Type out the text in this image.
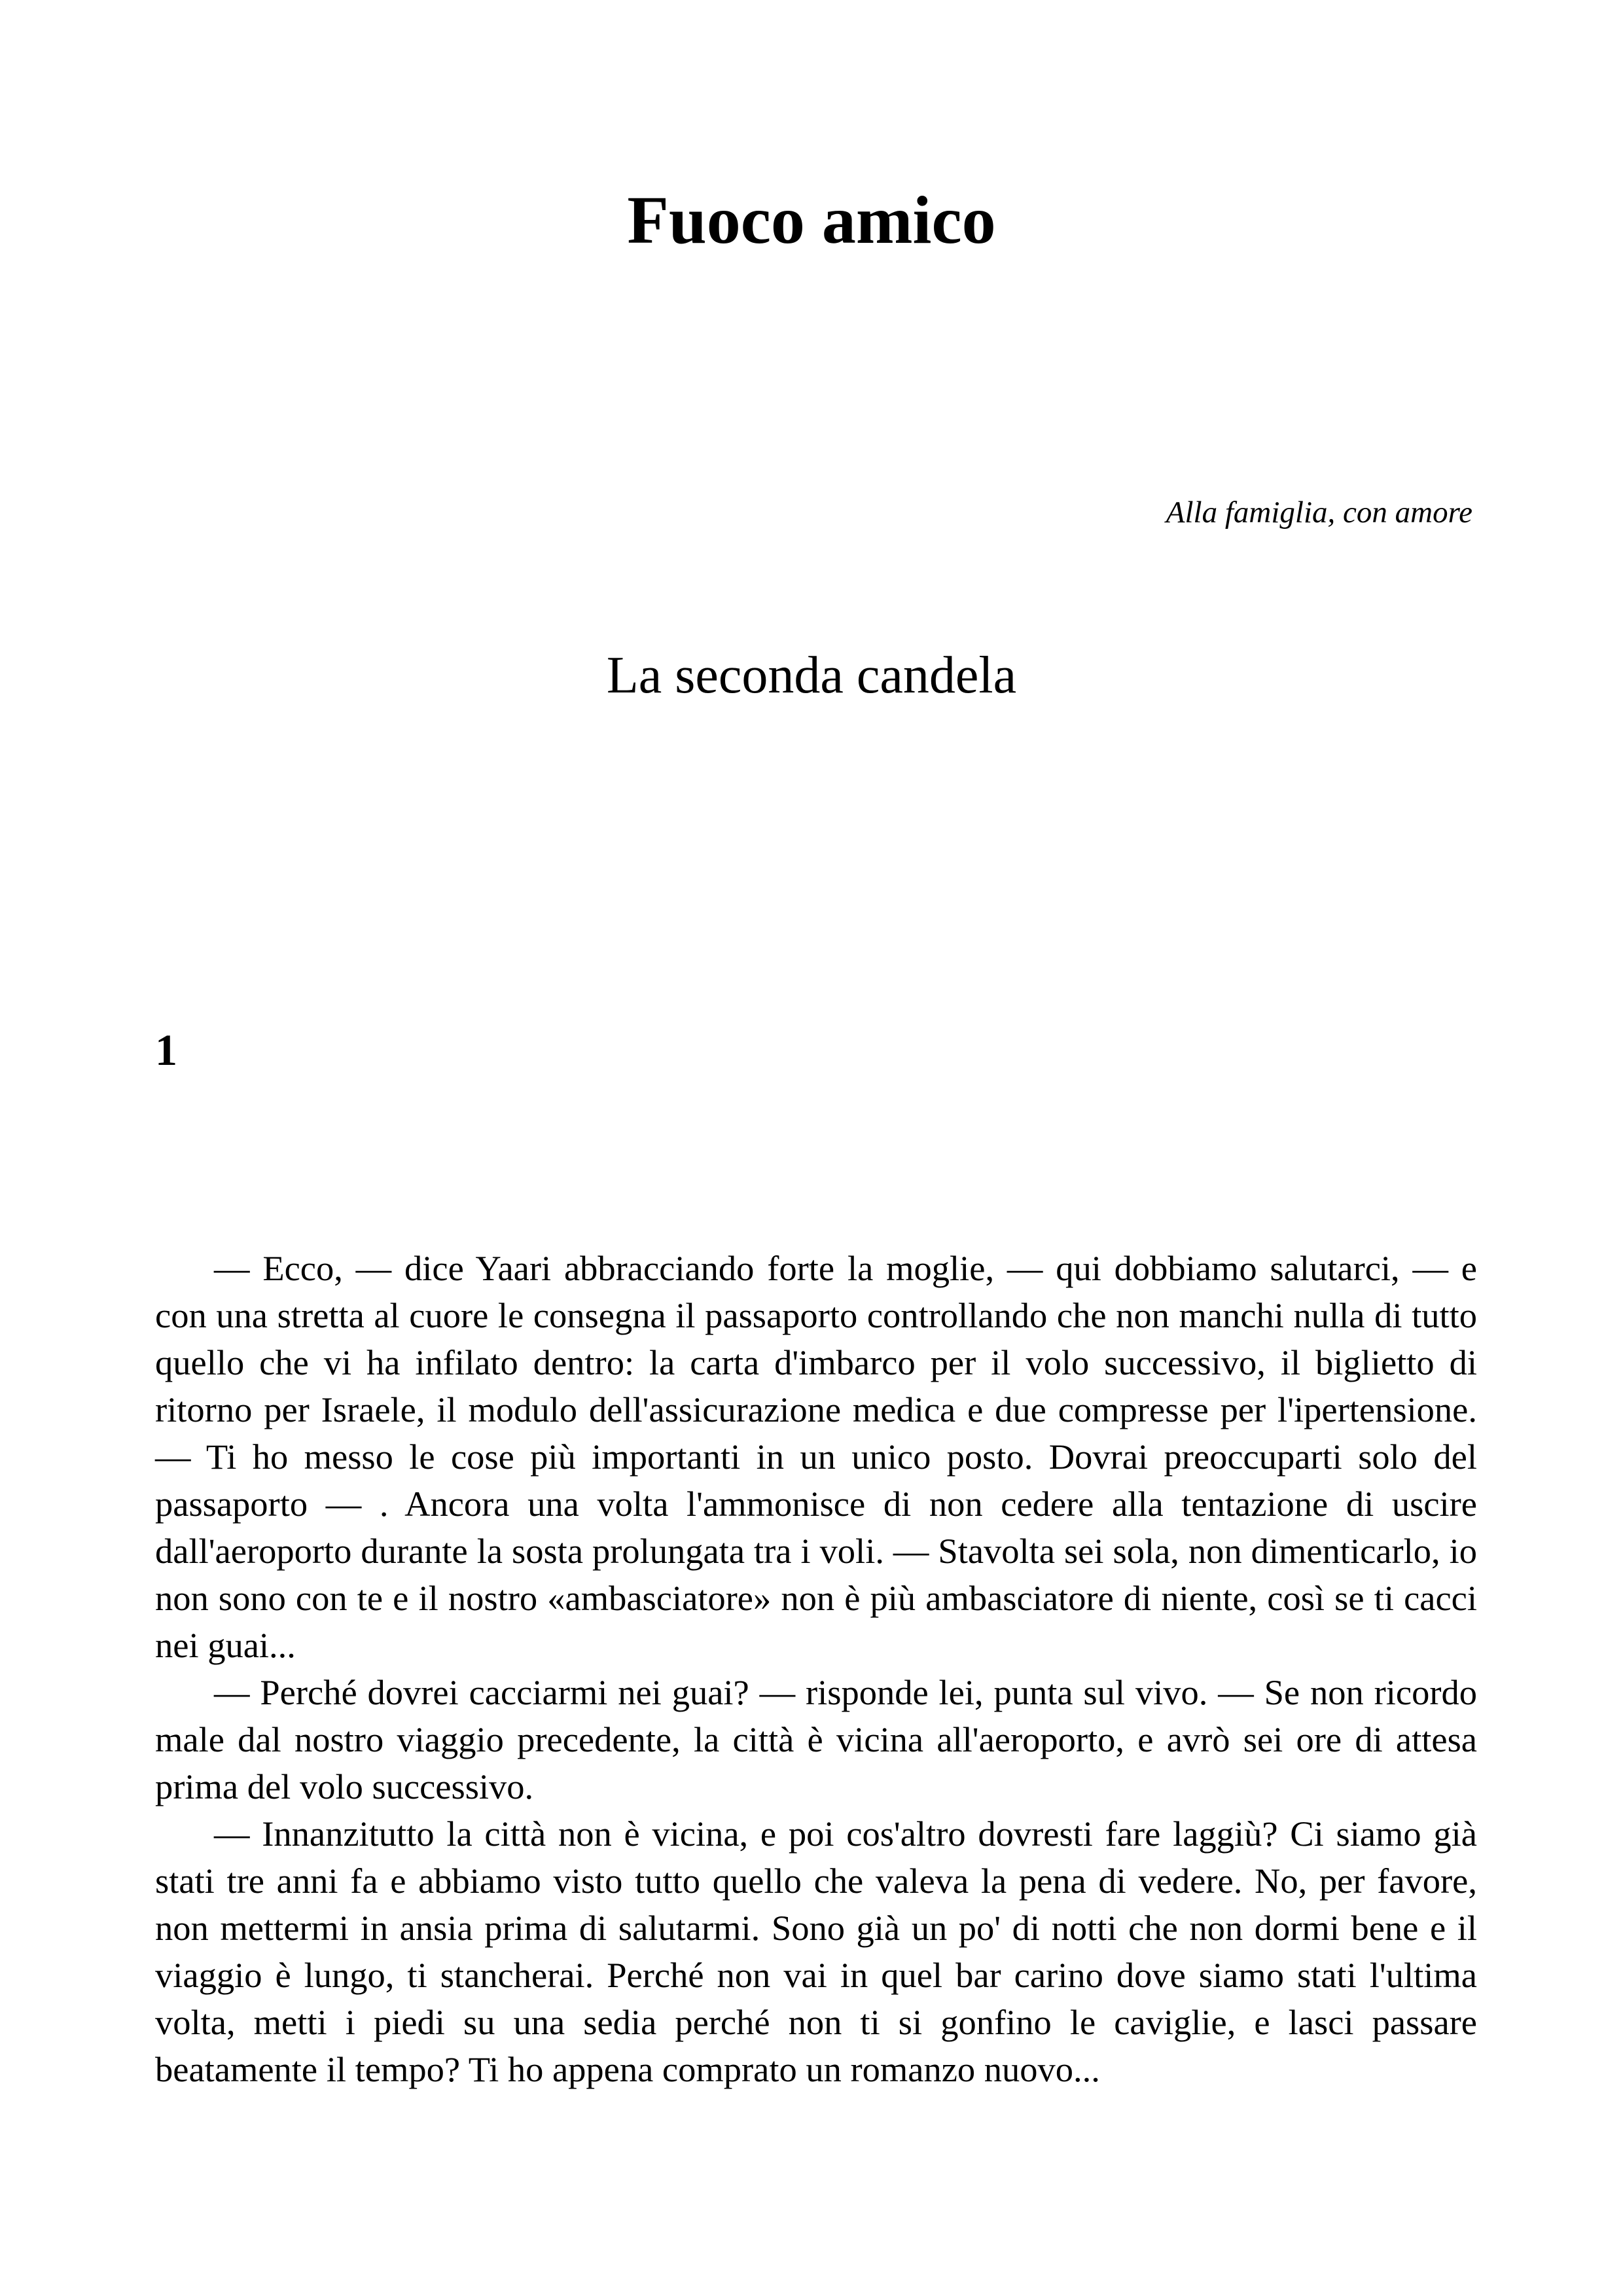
Fuoco amico
Alla famiglia, con amore
La seconda candela
1

— Ecco, — dice Yaari abbracciando forte la moglie, — qui dobbiamo salutarci, — e con una stretta al cuore le consegna il passaporto controllando che non manchi nulla di tutto quello che vi ha infilato dentro: la carta d'imbarco per il volo successivo, il biglietto di ritorno per Israele, il modulo dell'assicurazione medica e due compresse per l'ipertensione. — Ti ho messo le cose più importanti in un unico posto. Dovrai preoccuparti solo del passaporto — . Ancora una volta l'ammonisce di non cedere alla tentazione di uscire dall'aeroporto durante la sosta prolungata tra i voli. — Stavolta sei sola, non dimenticarlo, io non sono con te e il nostro «ambasciatore» non è più ambasciatore di niente, così se ti cacci nei guai...

— Perché dovrei cacciarmi nei guai? — risponde lei, punta sul vivo. — Se non ricordo male dal nostro viaggio precedente, la città è vicina all'aeroporto, e avrò sei ore di attesa prima del volo successivo.

— Innanzitutto la città non è vicina, e poi cos'altro dovresti fare laggiù? Ci siamo già stati tre anni fa e abbiamo visto tutto quello che valeva la pena di vedere. No, per favore, non mettermi in ansia prima di salutarmi. Sono già un po' di notti che non dormi bene e il viaggio è lungo, ti stancherai. Perché non vai in quel bar carino dove siamo stati l'ultima volta, metti i piedi su una sedia perché non ti si gonfino le caviglie, e lasci passare beatamente il tempo? Ti ho appena comprato un romanzo nuovo...
